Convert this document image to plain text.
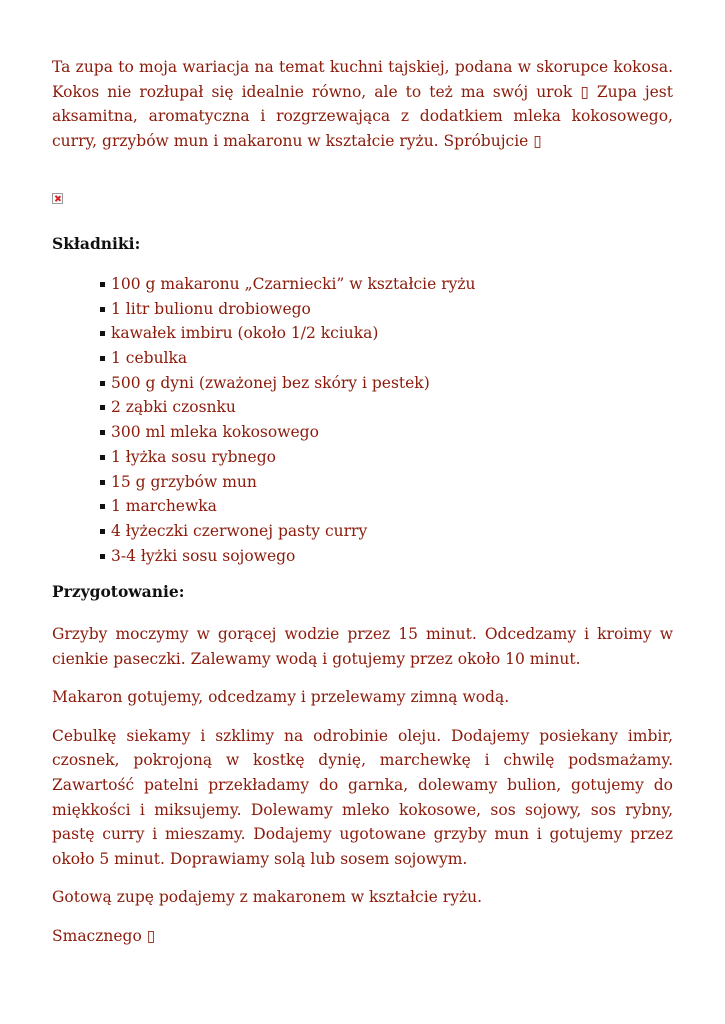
Ta zupa to moja wariacja na temat kuchni tajskiej, podana w skorupce kokosa. Kokos nie rozłupał się idealnie równo, ale to też ma swój urok ▯ Zupa jest aksamitna, aromatyczna i rozgrzewająca z dodatkiem mleka kokosowego, curry, grzybów mun i makaronu w kształcie ryżu. Spróbujcie ▯

Składniki:
100 g makaronu „Czarniecki” w kształcie ryżu
1 litr bulionu drobiowego
kawałek imbiru (około 1/2 kciuka)
1 cebulka
500 g dyni (zważonej bez skóry i pestek)
2 ząbki czosnku
300 ml mleka kokosowego
1 łyżka sosu rybnego
15 g grzybów mun
1 marchewka
4 łyżeczki czerwonej pasty curry
3-4 łyżki sosu sojowego
Przygotowanie:

Grzyby moczymy w gorącej wodzie przez 15 minut. Odcedzamy i kroimy w cienkie paseczki. Zalewamy wodą i gotujemy przez około 10 minut.

Makaron gotujemy, odcedzamy i przelewamy zimną wodą.

Cebulkę siekamy i szklimy na odrobinie oleju. Dodajemy posiekany imbir, czosnek, pokrojoną w kostkę dynię, marchewkę i chwilę podsmażamy. Zawartość patelni przekładamy do garnka, dolewamy bulion, gotujemy do miękkości i miksujemy. Dolewamy mleko kokosowe, sos sojowy, sos rybny, pastę curry i mieszamy. Dodajemy ugotowane grzyby mun i gotujemy przez około 5 minut. Doprawiamy solą lub sosem sojowym.

Gotową zupę podajemy z makaronem w kształcie ryżu.

Smacznego ▯
